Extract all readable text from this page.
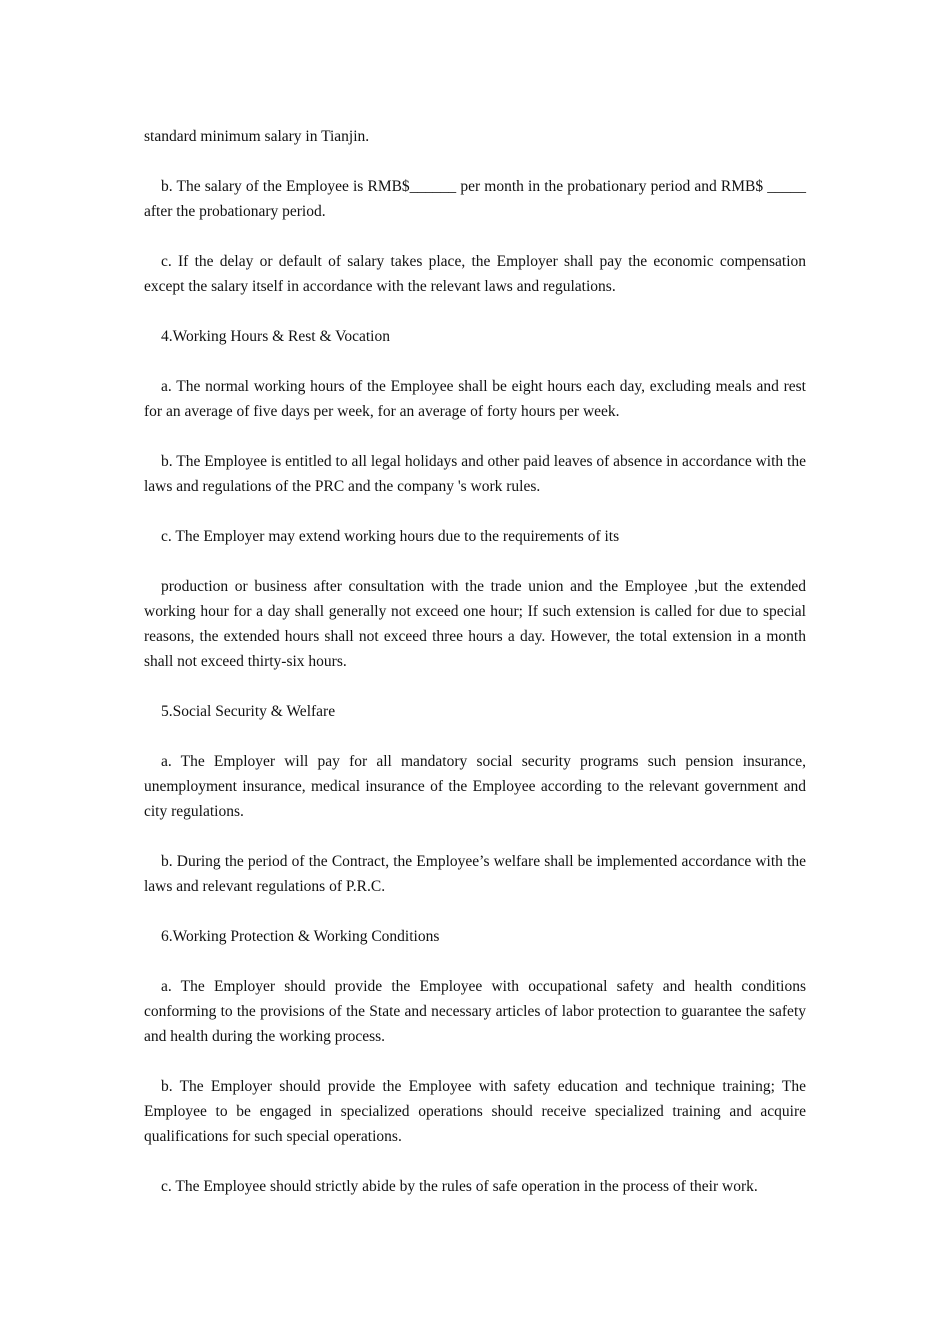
standard minimum salary in Tianjin.

b. The salary of the Employee is RMB$______ per month in the probationary period and RMB$ _____ after the probationary period.

c. If the delay or default of salary takes place, the Employer shall pay the economic compensation except the salary itself in accordance with the relevant laws and regulations.

4.Working Hours & Rest & Vocation

a. The normal working hours of the Employee shall be eight hours each day, excluding meals and rest for an average of five days per week, for an average of forty hours per week.

b. The Employee is entitled to all legal holidays and other paid leaves of absence in accordance with the laws and regulations of the PRC and the company 's work rules.

c. The Employer may extend working hours due to the requirements of its

production or business after consultation with the trade union and the Employee ,but the extended working hour for a day shall generally not exceed one hour; If such extension is called for due to special reasons, the extended hours shall not exceed three hours a day. However, the total extension in a month shall not exceed thirty-six hours.

5.Social Security & Welfare

a. The Employer will pay for all mandatory social security programs such pension insurance, unemployment insurance, medical insurance of the Employee according to the relevant government and city regulations.

b. During the period of the Contract, the Employee’s welfare shall be implemented accordance with the laws and relevant regulations of P.R.C.

6.Working Protection & Working Conditions

a. The Employer should provide the Employee with occupational safety and health conditions conforming to the provisions of the State and necessary articles of labor protection to guarantee the safety and health during the working process.

b. The Employer should provide the Employee with safety education and technique training; The Employee to be engaged in specialized operations should receive specialized training and acquire qualifications for such special operations.

c. The Employee should strictly abide by the rules of safe operation in the process of their work.
